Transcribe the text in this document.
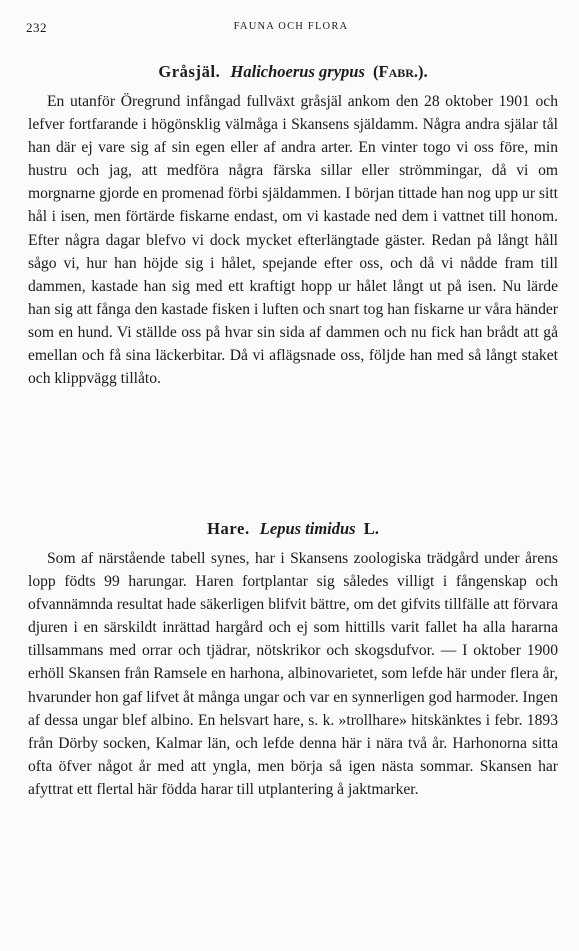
232	FAUNA OCH FLORA
Gråsjäl. Halichoerus grypus (Fabr.).

En utanför Öregrund infångad fullväxt gråsjäl ankom den 28 oktober 1901 och lefver fortfarande i högönsklig välmåga i Skansens själdamm. Några andra själar tål han där ej vare sig af sin egen eller af andra arter. En vinter togo vi oss före, min hustru och jag, att medföra några färska sillar eller strömmingar, då vi om morgnarne gjorde en promenad förbi själdammen. I början tittade han nog upp ur sitt hål i isen, men förtärde fiskarne endast, om vi kastade ned dem i vattnet till honom. Efter några dagar blefvo vi dock mycket efterlängtade gäster. Redan på långt håll sågo vi, hur han höjde sig i hålet, spejande efter oss, och då vi nådde fram till dammen, kastade han sig med ett kraftigt hopp ur hålet långt ut på isen. Nu lärde han sig att fånga den kastade fisken i luften och snart tog han fiskarne ur våra händer som en hund. Vi ställde oss på hvar sin sida af dammen och nu fick han brådt att gå emellan och få sina läckerbitar. Då vi aflägsnade oss, följde han med så långt staket och klippvägg tillåto.

Hare. Lepus timidus L.

Som af närstående tabell synes, har i Skansens zoologiska trädgård under årens lopp födts 99 harungar. Haren fortplantar sig således villigt i fångenskap och ofvannämnda resultat hade säkerligen blifvit bättre, om det gifvits tillfälle att förvara djuren i en särskildt inrättad hargård och ej som hittills varit fallet ha alla hararna tillsammans med orrar och tjädrar, nötskrikor och skogsdufvor. — I oktober 1900 erhöll Skansen från Ramsele en harhona, albinovarietet, som lefde här under flera år, hvarunder hon gaf lifvet åt många ungar och var en synnerligen god harmoder. Ingen af dessa ungar blef albino. En helsvart hare, s. k. »trollhare» hitskänktes i febr. 1893 från Dörby socken, Kalmar län, och lefde denna här i nära två år. Harhonorna sitta ofta öfver något år med att yngla, men börja så igen nästa sommar. Skansen har afyttrat ett flertal här födda harar till utplantering å jaktmarker.
